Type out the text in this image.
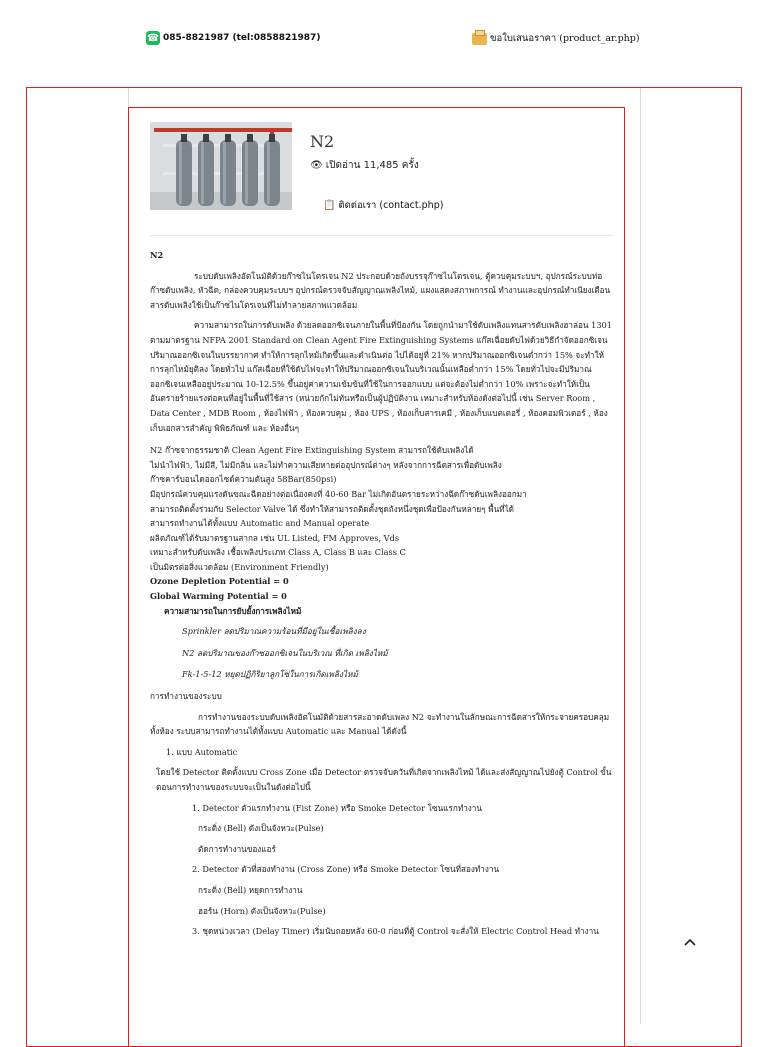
☎ 085-8821987 (tel:0858821987)	ขอใบเสนอราคา (product_ar.php)
N2
👁 เปิดอ่าน 11,485 ครั้ง
📋 ติดต่อเรา (contact.php)

N2

ระบบดับเพลิงอัตโนมัติด้วยก๊าซไนโตรเจน N2 ประกอบด้วยถังบรรจุก๊าซไนโตรเจน, ตู้ควบคุมระบบฯ, อุปกรณ์ระบบท่อก๊าซดับเพลิง, หัวฉีด, กล่องควบคุมระบบฯ อุปกรณ์ตรวจจับสัญญาณเพลิงไหม้, แผงแสดงสภาพการณ์ ทำงานและอุปกรณ์ทำเนียงเตือน สารดับเพลิงใช้เป็นก๊าซไนโตรเจนที่ไม่ทำลายสภาพแวดล้อม

ความสามารถในการดับเพลิง ด้วยลดออกซิเจนภายในพื้นที่ป้องกัน โดยถูกนำมาใช้ดับเพลิงแทนสารดับเพลิงฮาล่อน 1301 ตามมาตรฐาน NFPA 2001 Standard on Clean Agent Fire Extinguishing Systems แก๊สเฉื่อยดับไฟด้วยวิธีกำจัดออกซิเจน ปริมาณออกซิเจนในบรรยากาศ ทำให้การลุกไหม้เกิดขึ้นและดำเนินต่อ ไปได้อยู่ที่ 21% หากปริมาณออกซิเจนต่ำกว่า 15% จะทำให้การลุกไหม้ยุติลง โดยทั่วไป แก๊สเฉื่อยที่ใช้ดับไฟจะทำให้ปริมาณออกซิเจนในบริเวณนั้นเหลือต่ำกว่า 15% โดยทั่วไปจะมีปริมาณออกซิเจนเหลืออยู่ประมาณ 10-12.5% ขึ้นอยู่ค่าความเข้มข้นที่ใช้ในการออกแบบ แต่จะต้องไม่ต่ำกว่า 10% เพราะจะทำให้เป็นอันตรายร้ายแรงต่อคนที่อยู่ในพื้นที่ใช้สาร (หน่วยกักไม่ทันหรือเป็นผู้ปฏิบัติงาน เหมาะสำหรับห้องดังต่อไปนี้ เช่น Server Room , Data Center , MDB Room , ห้องไฟฟ้า , ห้องควบคุม , ห้อง UPS , ห้องเก็บสารเคมี , ห้องเก็บแบตเตอรี่ , ห้องคอมพิวเตอร์ , ห้องเก็บเอกสารสำคัญ พิพิธภัณฑ์ และ ห้องอื่นๆ

N2 ก๊าซจากธรรมชาติ Clean Agent Fire Extinguishing System สามารถใช้ดับเพลิงได้

ไม่นำไฟฟ้า, ไม่มีสี, ไม่มีกลิ่น และไม่ทำความเสียหายต่ออุปกรณ์ต่างๆ หลังจากการฉีดสารเพื่อดับเพลิง

ก๊าซคาร์บอนไดออกไซด์ความดันสูง 58Bar(850psi)

มีอุปกรณ์ควบคุมแรงดันขณะฉีดอย่างต่อเนื่องคงที่ 40-60 Bar ไม่เกิดอันตรายระหว่างฉีดก๊าซดับเพลิงออกมา

สามารถติดตั้งร่วมกับ Selector Valve ได้ ซึ่งทำให้สามารถติดตั้งชุดถังหนึ่งชุดเพื่อป้องกันหลายๆ พื้นที่ได้

สามารถทำงานได้ทั้งแบบ Automatic and Manual operate

ผลิตภัณฑ์ได้รับมาตรฐานสากล เช่น UL Listed, FM Approves, Vds

เหมาะสำหรับดับเพลิง เชื้อเพลิงประเภท Class A, Class B และ Class C

เป็นมิตรต่อสิ่งแวดล้อม (Environment Friendly)

Ozone Depletion Potential = 0

Global Warming Potential = 0

ความสามารถในการยับยั้งการเพลิงไหม้

Sprinkler ลดปริมาณความร้อนที่มีอยู่ในเชื้อเพลิงลง

N2 ลดปริมาณของก๊าซออกซิเจนในบริเวณ ที่เกิด เพลิงไหม้

Fk-1-5-12 หยุดปฏิกิริยาลูกโซ่ในการเกิดเพลิงไหม้

การทำงานของระบบ

การทำงานของระบบดับเพลิงอัตโนมัติด้วยสารสะอาดดับเพลง N2 จะทำงานในลักษณะการฉีดสารให้กระจายครอบคลุมทั้งห้อง ระบบสามารถทำงานได้ทั้งแบบ Automatic และ Manual ได้ดังนี้

1. แบบ Automatic

โดยใช้ Detector ติดตั้งแบบ Cross Zone เมื่อ Detector ตรวจจับควันที่เกิดจากเพลิงไหม้ ได้และส่งสัญญาณไปยังตู้ Control ขั้นตอนการทำงานของระบบจะเป็นในดังต่อไปนี้

1. Detector ตัวแรกทำงาน (Fist Zone) หรือ Smoke Detector โซนแรกทำงาน

กระดิ่ง (Bell) ดังเป็นจังหวะ(Pulse)

ตัดการทำงานของแอร์

2. Detector ตัวที่สองทำงาน (Cross Zone) หรือ Smoke Detector โซนที่สองทำงาน

กระดิ่ง (Bell) หยุดการทำงาน

ฮอร์น (Horn) ดังเป็นจังหวะ(Pulse)

3. ชุดหน่วงเวลา (Delay Timer) เริ่มนับถอยหลัง 60-0 ก่อนที่ตู้ Control จะสั่งให้ Electric Control Head ทำงาน
